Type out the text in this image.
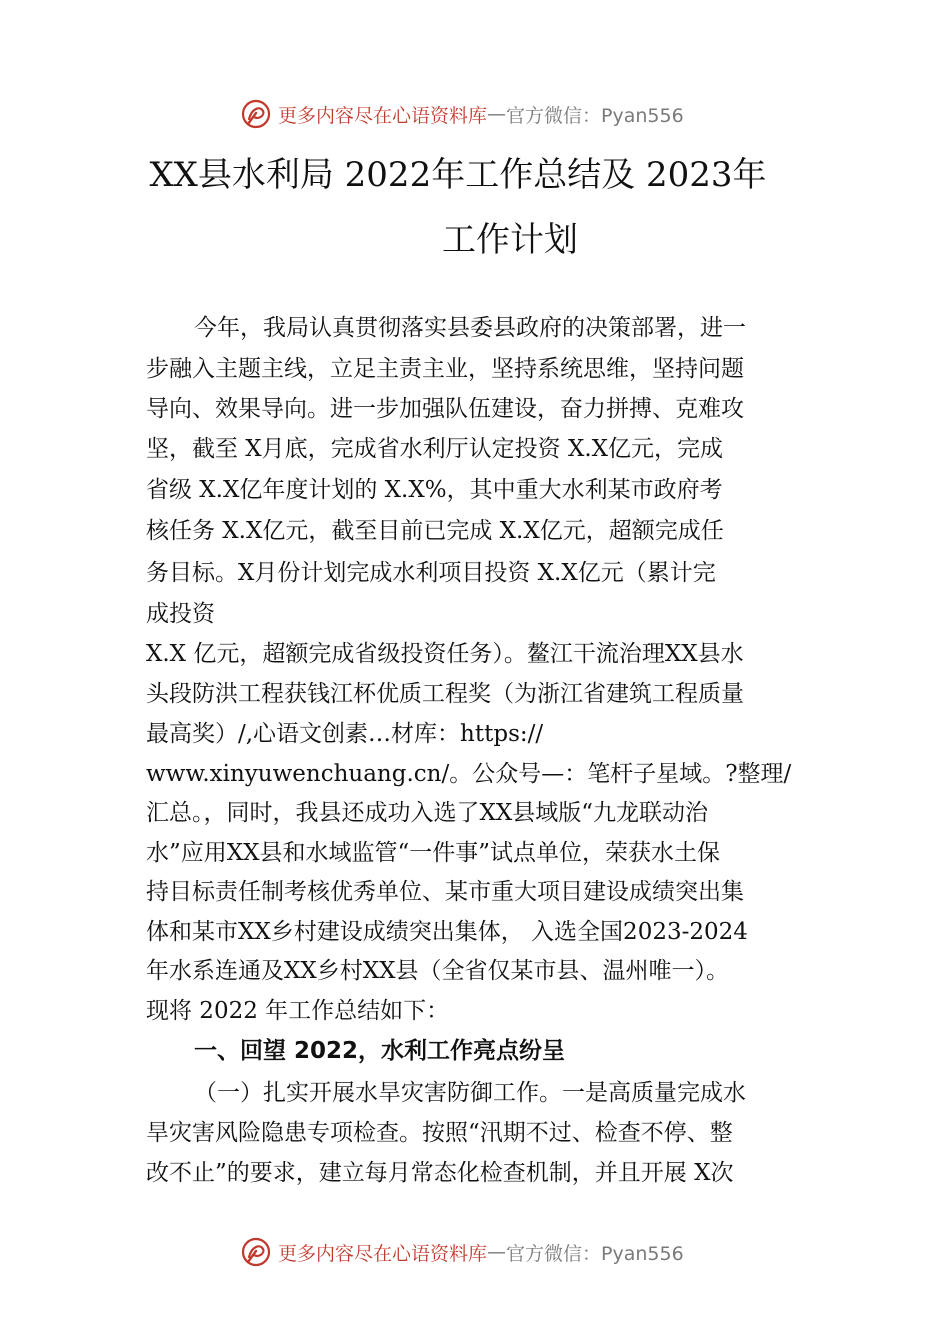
更多内容尽在心语资料库 — 官方微信：Pyan556
XX县水利局 2022年工作总结及 2023年
工作计划
今年，我局认真贯彻落实县委县政府的决策部署，进一
步融入主题主线，立足主责主业，坚持系统思维，坚持问题
导向、效果导向。进一步加强队伍建设，奋力拼搏、克难攻
坚，截至 X月底，完成省水利厅认定投资 X.X亿元，完成
省级 X.X亿年度计划的 X.X%，其中重大水利某市政府考
核任务 X.X亿元，截至目前已完成 X.X亿元，超额完成任
务目标。X月份计划完成水利项目投资 X.X亿元（累计完
成投资
X.X 亿元，超额完成省级投资任务）。鳌江干流治理XX县水
头段防洪工程获钱江杯优质工程奖（为浙江省建筑工程质量
最高奖）/,心语文创素…材库：https://
www.xinyuwenchuang.cn/。公众号—：笔杆子星域。?整理/
汇总。，同时，我县还成功入选了XX县域版“九龙联动治
水”应用XX县和水域监管“一件事”试点单位，荣获水土保
持目标责任制考核优秀单位、某市重大项目建设成绩突出集
体和某市XX乡村建设成绩突出集体， 入选全国2023-2024
年水系连通及XX乡村XX县（全省仅某市县、温州唯一）。
现将 2022 年工作总结如下：
一、回望 2022，水利工作亮点纷呈
（一）扎实开展水旱灾害防御工作。一是高质量完成水
旱灾害风险隐患专项检查。按照“汛期不过、检查不停、整
改不止”的要求，建立每月常态化检查机制，并且开展 X次
更多内容尽在心语资料库 — 官方微信：Pyan556
